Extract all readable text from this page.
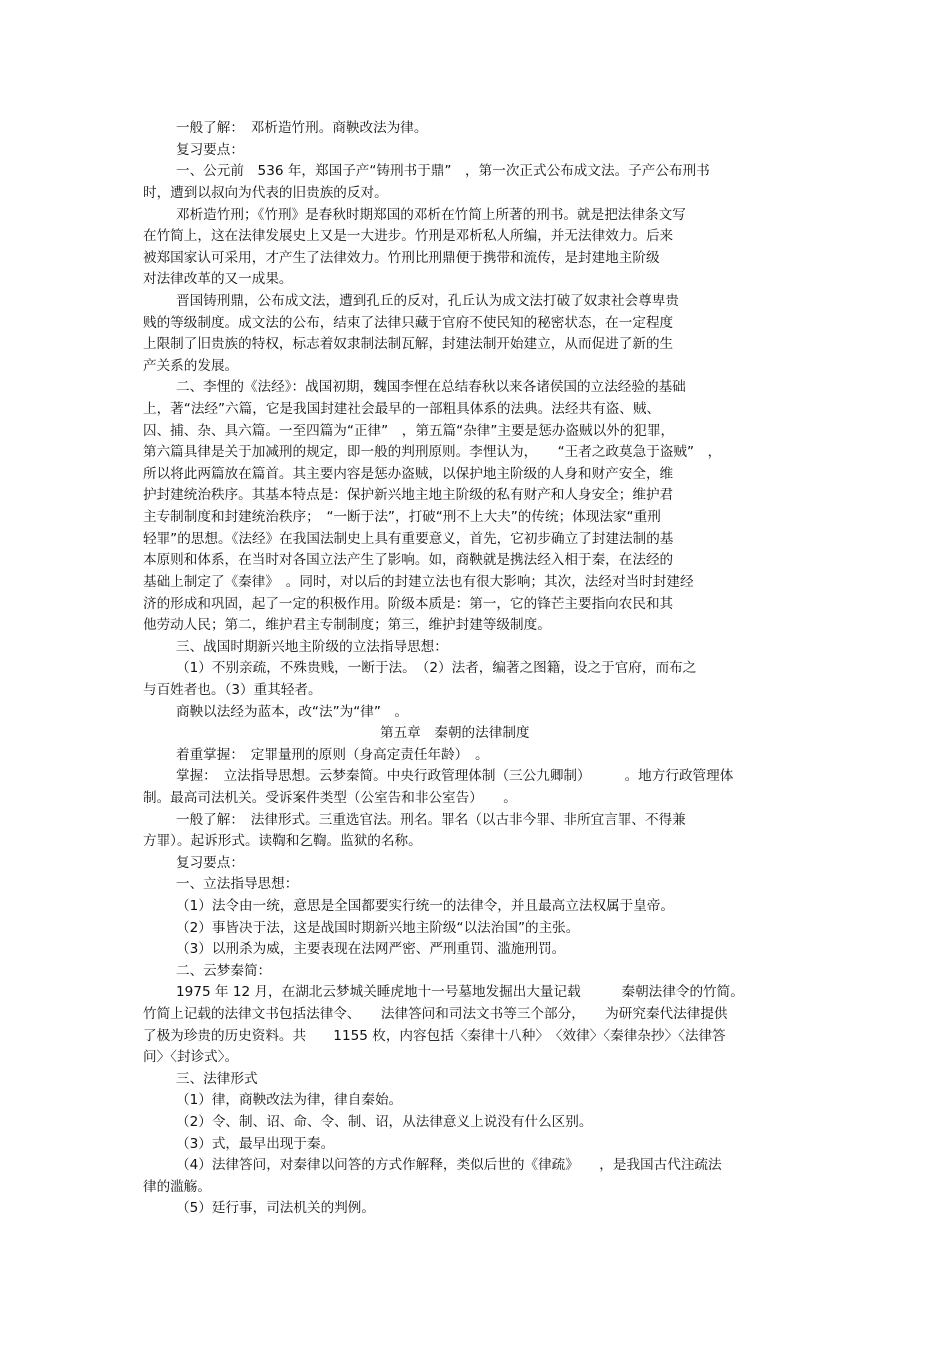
一般了解：　邓析造竹刑。商鞅改法为律。
复习要点：
一、公元前　536 年，郑国子产“铸刑书于鼎”　，第一次正式公布成文法。子产公布刑书
时，遭到以叔向为代表的旧贵族的反对。
邓析造竹刑；《竹刑》是春秋时期郑国的邓析在竹简上所著的刑书。就是把法律条文写
在竹简上，这在法律发展史上又是一大进步。竹刑是邓析私人所编，并无法律效力。后来
被郑国家认可采用，才产生了法律效力。竹刑比刑鼎便于携带和流传，是封建地主阶级
对法律改革的又一成果。
晋国铸刑鼎，公布成文法，遭到孔丘的反对，孔丘认为成文法打破了奴隶社会尊卑贵
贱的等级制度。成文法的公布，结束了法律只藏于官府不使民知的秘密状态，在一定程度
上限制了旧贵族的特权，标志着奴隶制法制瓦解，封建法制开始建立，从而促进了新的生
产关系的发展。
二、李悝的《法经》：战国初期，魏国李悝在总结春秋以来各诸侯国的立法经验的基础
上，著“法经”六篇，它是我国封建社会最早的一部粗具体系的法典。法经共有盗、贼、
囚、捕、杂、具六篇。一至四篇为“正律”　，第五篇“杂律”主要是惩办盗贼以外的犯罪，
第六篇具律是关于加减刑的规定，即一般的判刑原则。李悝认为，　　“王者之政莫急于盗贼”　，
所以将此两篇放在篇首。其主要内容是惩办盗贼，以保护地主阶级的人身和财产安全，维
护封建统治秩序。其基本特点是：保护新兴地主地主阶级的私有财产和人身安全；维护君
主专制制度和封建统治秩序；　“一断于法”，打破“刑不上大夫”的传统；体现法家“重刑
轻罪”的思想。《法经》在我国法制史上具有重要意义，首先，它初步确立了封建法制的基
本原则和体系，在当时对各国立法产生了影响。如，商鞅就是携法经入相于秦，在法经的
基础上制定了《秦律》　。同时，对以后的封建立法也有很大影响；其次，法经对当时封建经
济的形成和巩固，起了一定的积极作用。阶级本质是：第一，它的锋芒主要指向农民和其
他劳动人民；第二，维护君主专制制度；第三，维护封建等级制度。
三、战国时期新兴地主阶级的立法指导思想：
（1）不别亲疏，不殊贵贱，一断于法。　（2）法者，编著之图籍，设之于官府，而布之
与百姓者也。（3）重其轻者。
商鞅以法经为蓝本，改“法”为“律”　。
第五章　秦朝的法律制度
着重掌握：　定罪量刑的原则（身高定责任年龄）　。
掌握：　立法指导思想。云梦秦简。中央行政管理体制（三公九卿制）　　　。地方行政管理体
制。最高司法机关。受诉案件类型（公室告和非公室告）　　。
一般了解：　法律形式。三重选官法。刑名。罪名（以古非今罪、非所宜言罪、不得兼
方罪）。起诉形式。读鞫和乞鞫。监狱的名称。
复习要点：
一、立法指导思想：
（1）法令由一统，意思是全国都要实行统一的法律令，并且最高立法权属于皇帝。
（2）事皆决于法，这是战国时期新兴地主阶级“以法治国”的主张。
（3）以刑杀为威，主要表现在法网严密、严刑重罚、滥施刑罚。
二、云梦秦简：
1975 年 12 月，在湖北云梦城关睡虎地十一号墓地发掘出大量记载　　　秦朝法律令的竹简。
竹简上记载的法律文书包括法律令、　　法律答问和司法文书等三个部分，　　为研究秦代法律提供
了极为珍贵的历史资料。共　　1155 枚，内容包括〈秦律十八种〉　〈效律〉〈秦律杂抄〉〈法律答
问〉〈封诊式〉。
三、法律形式
（1）律，商鞅改法为律，律自秦始。
（2）令、制、诏、命、令、制、诏，从法律意义上说没有什么区别。
（3）式，最早出现于秦。
（4）法律答问，对秦律以问答的方式作解释，类似后世的《律疏》　　，是我国古代注疏法
律的滥觞。
（5）廷行事，司法机关的判例。
